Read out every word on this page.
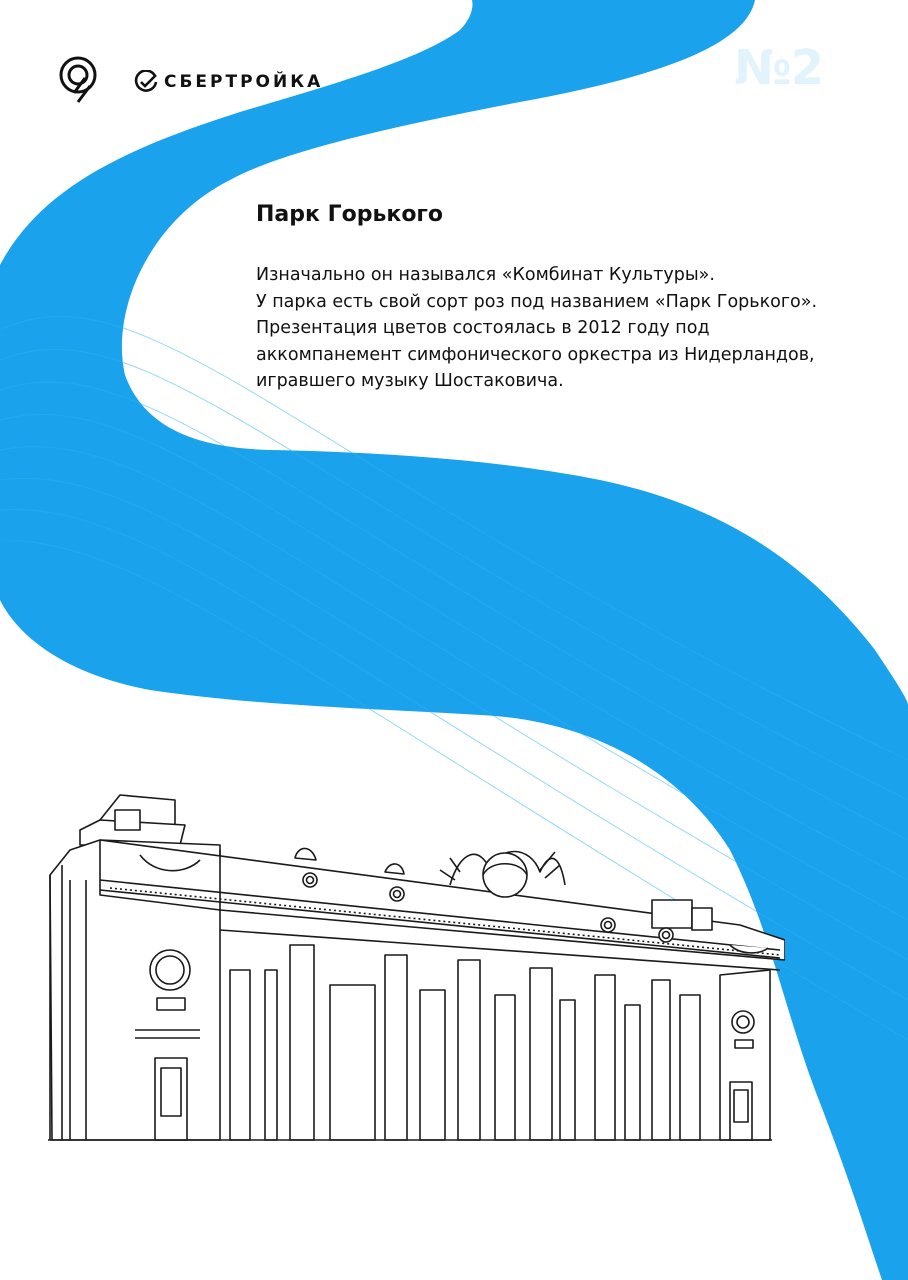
СБЕРТРОЙКА	№2
Парк Горького

Изначально он назывался «Комбинат Культуры».

У парка есть свой сорт роз под названием «Парк Горького».

Презентация цветов состоялась в 2012 году под

аккомпанемент симфонического оркестра из Нидерландов,

игравшего музыку Шостаковича.
